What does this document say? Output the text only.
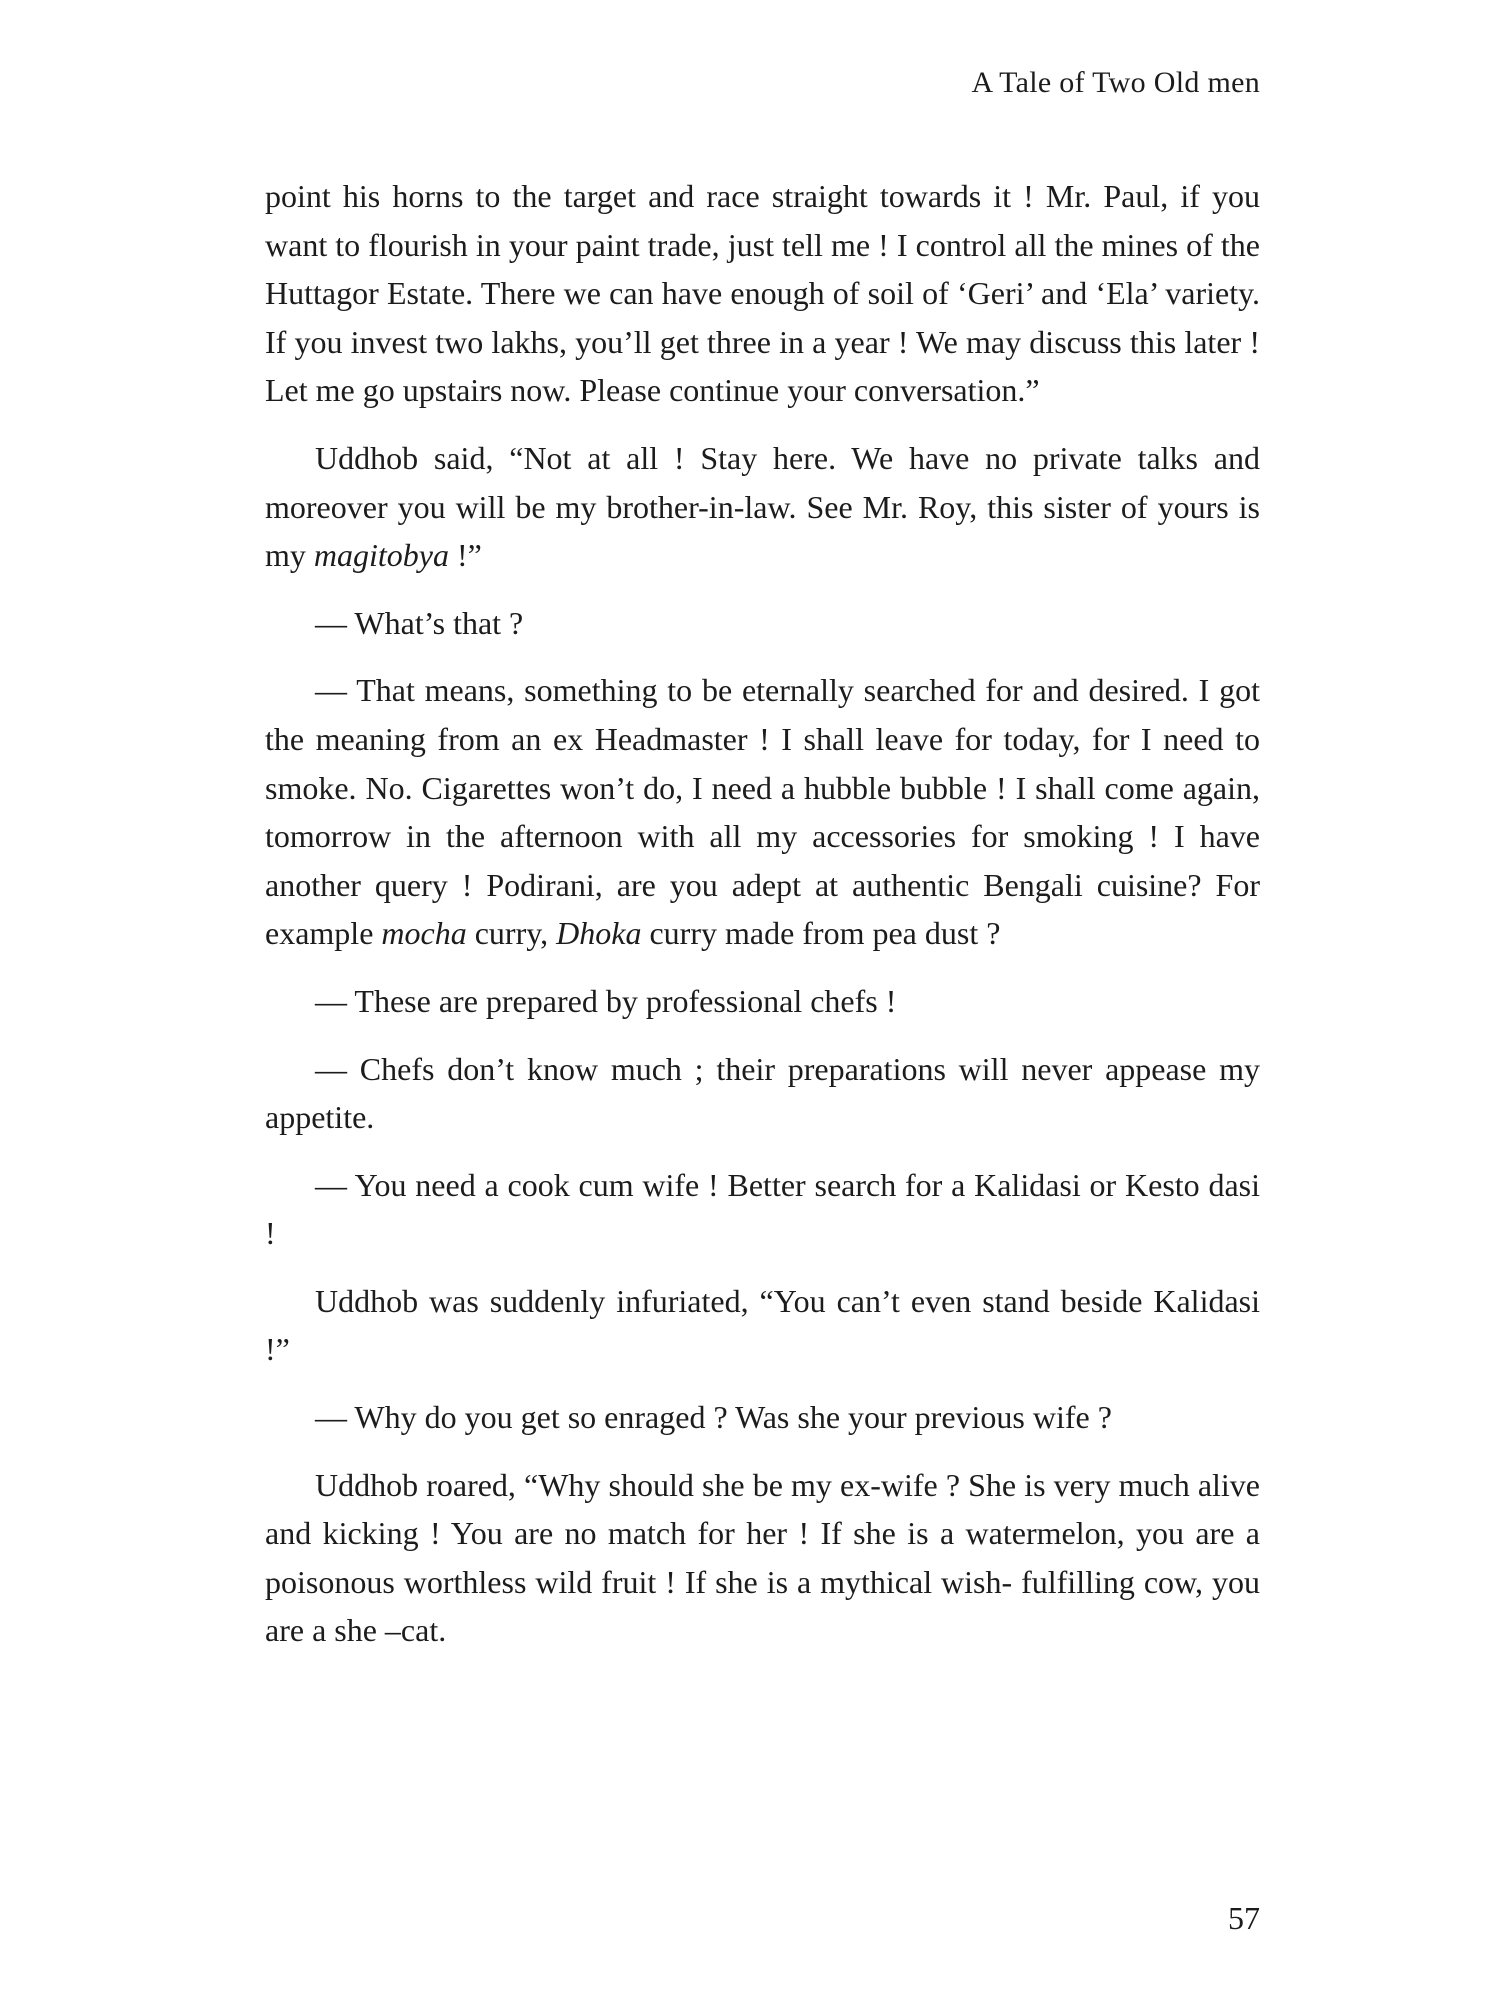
A Tale of Two Old men

point his horns to the target and race straight towards it ! Mr. Paul, if you want to flourish in your paint trade, just tell me ! I control all the mines of the Huttagor Estate. There we can have enough of soil of ‘Geri’ and ‘Ela’ variety. If you invest two lakhs, you’ll get three in a year ! We may discuss this later ! Let me go upstairs now. Please continue your conversation.”

Uddhob said, “Not at all ! Stay here. We have no private talks and moreover you will be my brother-in-law. See Mr. Roy, this sister of yours is my magitobya !”

— What’s that ?

— That means, something to be eternally searched for and desired. I got the meaning from an ex Headmaster ! I shall leave for today, for I need to smoke. No. Cigarettes won’t do, I need a hubble bubble ! I shall come again, tomorrow in the afternoon with all my accessories for smoking ! I have another query ! Podirani, are you adept at authentic Bengali cuisine? For example mocha curry, Dhoka curry made from pea dust ?

— These are prepared by professional chefs !

— Chefs don’t know much ; their preparations will never appease my appetite.

— You need a cook cum wife ! Better search for a Kalidasi or Kesto dasi !

Uddhob was suddenly infuriated, “You can’t even stand beside Kalidasi !”

— Why do you get so enraged ? Was she your previous wife ?

Uddhob roared, “Why should she be my ex-wife ? She is very much alive and kicking ! You are no match for her ! If she is a watermelon, you are a poisonous worthless wild fruit ! If she is a mythical wish- fulfilling cow, you are a she –cat.

57
